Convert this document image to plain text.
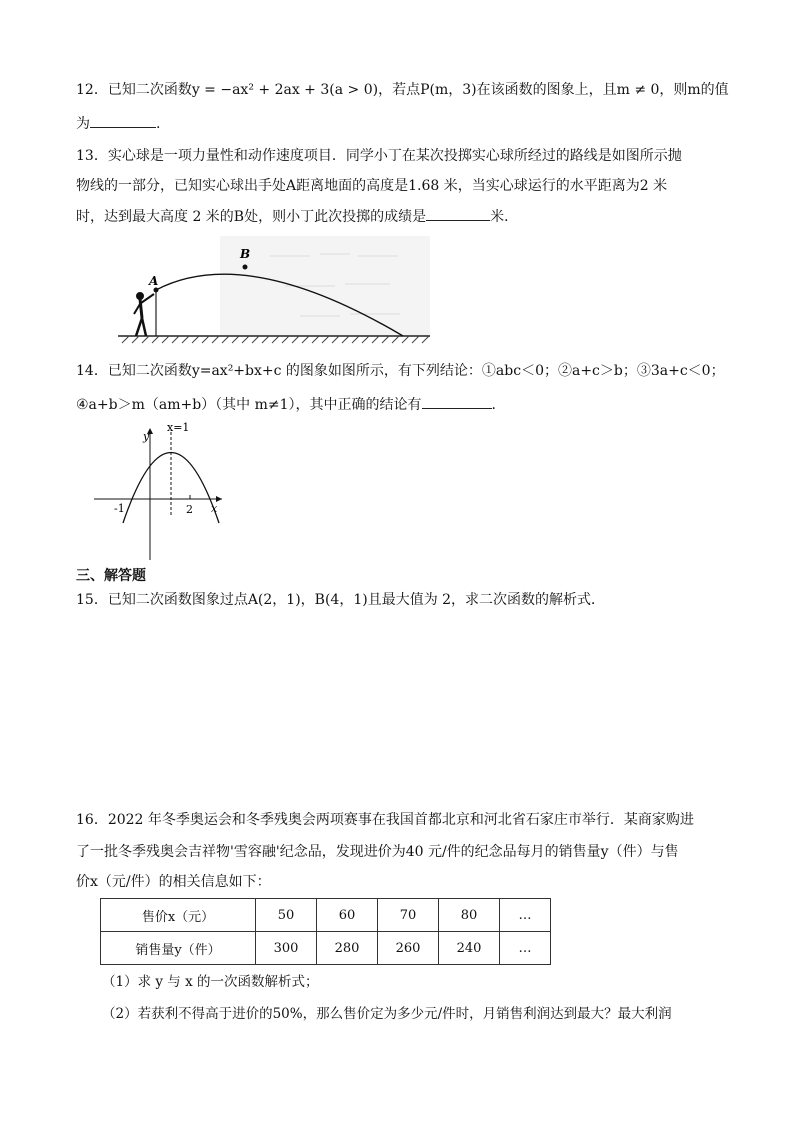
12．已知二次函数y = −ax² + 2ax + 3(a > 0)，若点P(m，3)在该函数的图象上，且m ≠ 0，则m的值
为	.
13．实心球是一项力量性和动作速度项目．同学小丁在某次投掷实心球所经过的路线是如图所示抛
物线的一部分，已知实心球出手处A距离地面的高度是1.68 米，当实心球运行的水平距离为2 米
时，达到最大高度 2 米的B处，则小丁此次投掷的成绩是	米．
A
B
14．已知二次函数y=ax²+bx+c 的图象如图所示，有下列结论：①abc＜0；②a+c＞b；③3a+c＜0；
④a+b＞m（am+b）（其中 m≠1），其中正确的结论有	.
y
x=1
-1	2 x
三、解答题
15．已知二次函数图象过点A(2，1)，B(4，1)且最大值为 2，求二次函数的解析式．
16．2022 年冬季奥运会和冬季残奥会两项赛事在我国首都北京和河北省石家庄市举行．某商家购进
了一批冬季残奥会吉祥物'雪容融'纪念品，发现进价为40 元/件的纪念品每月的销售量y（件）与售
价x（元/件）的相关信息如下：
售价x（元）	50	60	70	80	…
销售量y（件）	300	280	260	240	…
（1）求 y 与 x 的一次函数解析式；
（2）若获利不得高于进价的50%，那么售价定为多少元/件时，月销售利润达到最大？最大利润
